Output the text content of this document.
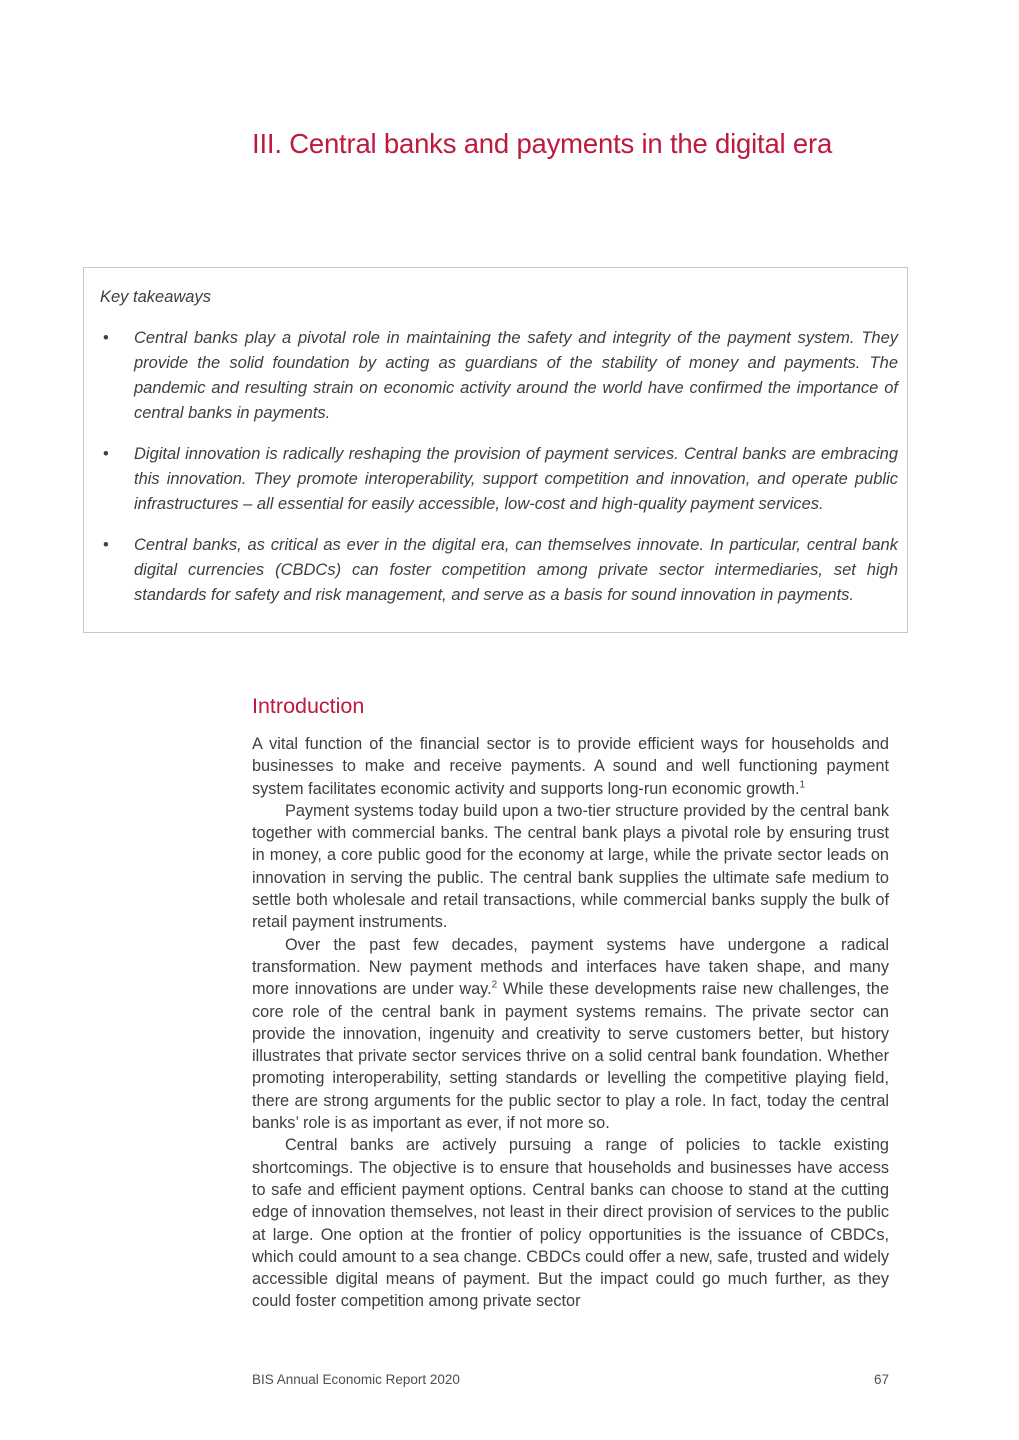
III. Central banks and payments in the digital era

Key takeaways

• Central banks play a pivotal role in maintaining the safety and integrity of the payment system. They provide the solid foundation by acting as guardians of the stability of money and payments. The pandemic and resulting strain on economic activity around the world have confirmed the importance of central banks in payments.
• Digital innovation is radically reshaping the provision of payment services. Central banks are embracing this innovation. They promote interoperability, support competition and innovation, and operate public infrastructures – all essential for easily accessible, low-cost and high-quality payment services.
• Central banks, as critical as ever in the digital era, can themselves innovate. In particular, central bank digital currencies (CBDCs) can foster competition among private sector intermediaries, set high standards for safety and risk management, and serve as a basis for sound innovation in payments.
Introduction

A vital function of the financial sector is to provide efficient ways for households and businesses to make and receive payments. A sound and well functioning payment system facilitates economic activity and supports long-run economic growth.$^1$

Payment systems today build upon a two-tier structure provided by the central bank together with commercial banks. The central bank plays a pivotal role by ensuring trust in money, a core public good for the economy at large, while the private sector leads on innovation in serving the public. The central bank supplies the ultimate safe medium to settle both wholesale and retail transactions, while commercial banks supply the bulk of retail payment instruments.

Over the past few decades, payment systems have undergone a radical transformation. New payment methods and interfaces have taken shape, and many more innovations are under way.$^2$ While these developments raise new challenges, the core role of the central bank in payment systems remains. The private sector can provide the innovation, ingenuity and creativity to serve customers better, but history illustrates that private sector services thrive on a solid central bank foundation. Whether promoting interoperability, setting standards or levelling the competitive playing field, there are strong arguments for the public sector to play a role. In fact, today the central banks’ role is as important as ever, if not more so.

Central banks are actively pursuing a range of policies to tackle existing shortcomings. The objective is to ensure that households and businesses have access to safe and efficient payment options. Central banks can choose to stand at the cutting edge of innovation themselves, not least in their direct provision of services to the public at large. One option at the frontier of policy opportunities is the issuance of CBDCs, which could amount to a sea change. CBDCs could offer a new, safe, trusted and widely accessible digital means of payment. But the impact could go much further, as they could foster competition among private sector

BIS Annual Economic Report 2020	67
